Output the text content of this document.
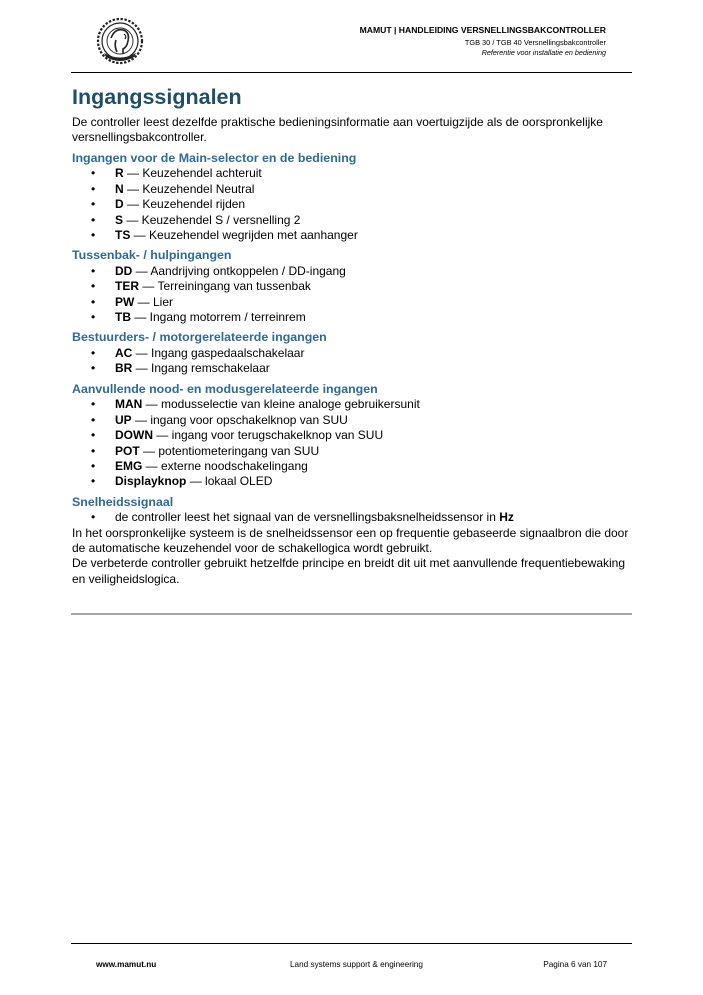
MAMUT | HANDLEIDING VERSNELLINGSBAKCONTROLLER
TGB 30 / TGB 40 Versnellingsbakcontroller
Referentie voor installatie en bediening
Ingangssignalen

De controller leest dezelfde praktische bedieningsinformatie aan voertuigzijde als de oorspronkelijke versnellingsbakcontroller.

Ingangen voor de Main-selector en de bediening
• R — Keuzehendel achteruit
• N — Keuzehendel Neutral
• D — Keuzehendel rijden
• S — Keuzehendel S / versnelling 2
• TS — Keuzehendel wegrijden met aanhanger
Tussenbak- / hulpingangen
• DD — Aandrijving ontkoppelen / DD-ingang
• TER — Terreiningang van tussenbak
• PW — Lier
• TB — Ingang motorrem / terreinrem
Bestuurders- / motorgerelateerde ingangen
• AC — Ingang gaspedaalschakelaar
• BR — Ingang remschakelaar
Aanvullende nood- en modusgerelateerde ingangen
• MAN — modusselectie van kleine analoge gebruikersunit
• UP — ingang voor opschakelknop van SUU
• DOWN — ingang voor terugschakelknop van SUU
• POT — potentiometeringang van SUU
• EMG — externe noodschakelingang
• Displayknop — lokaal OLED
Snelheidssignaal
• de controller leest het signaal van de versnellingsbaksnelheidssensor in Hz

In het oorspronkelijke systeem is de snelheidssensor een op frequentie gebaseerde signaalbron die door de automatische keuzehendel voor de schakellogica wordt gebruikt.

De verbeterde controller gebruikt hetzelfde principe en breidt dit uit met aanvullende frequentiebewaking en veiligheidslogica.

www.mamut.nu	Land systems support & engineering	Pagina 6 van 107
